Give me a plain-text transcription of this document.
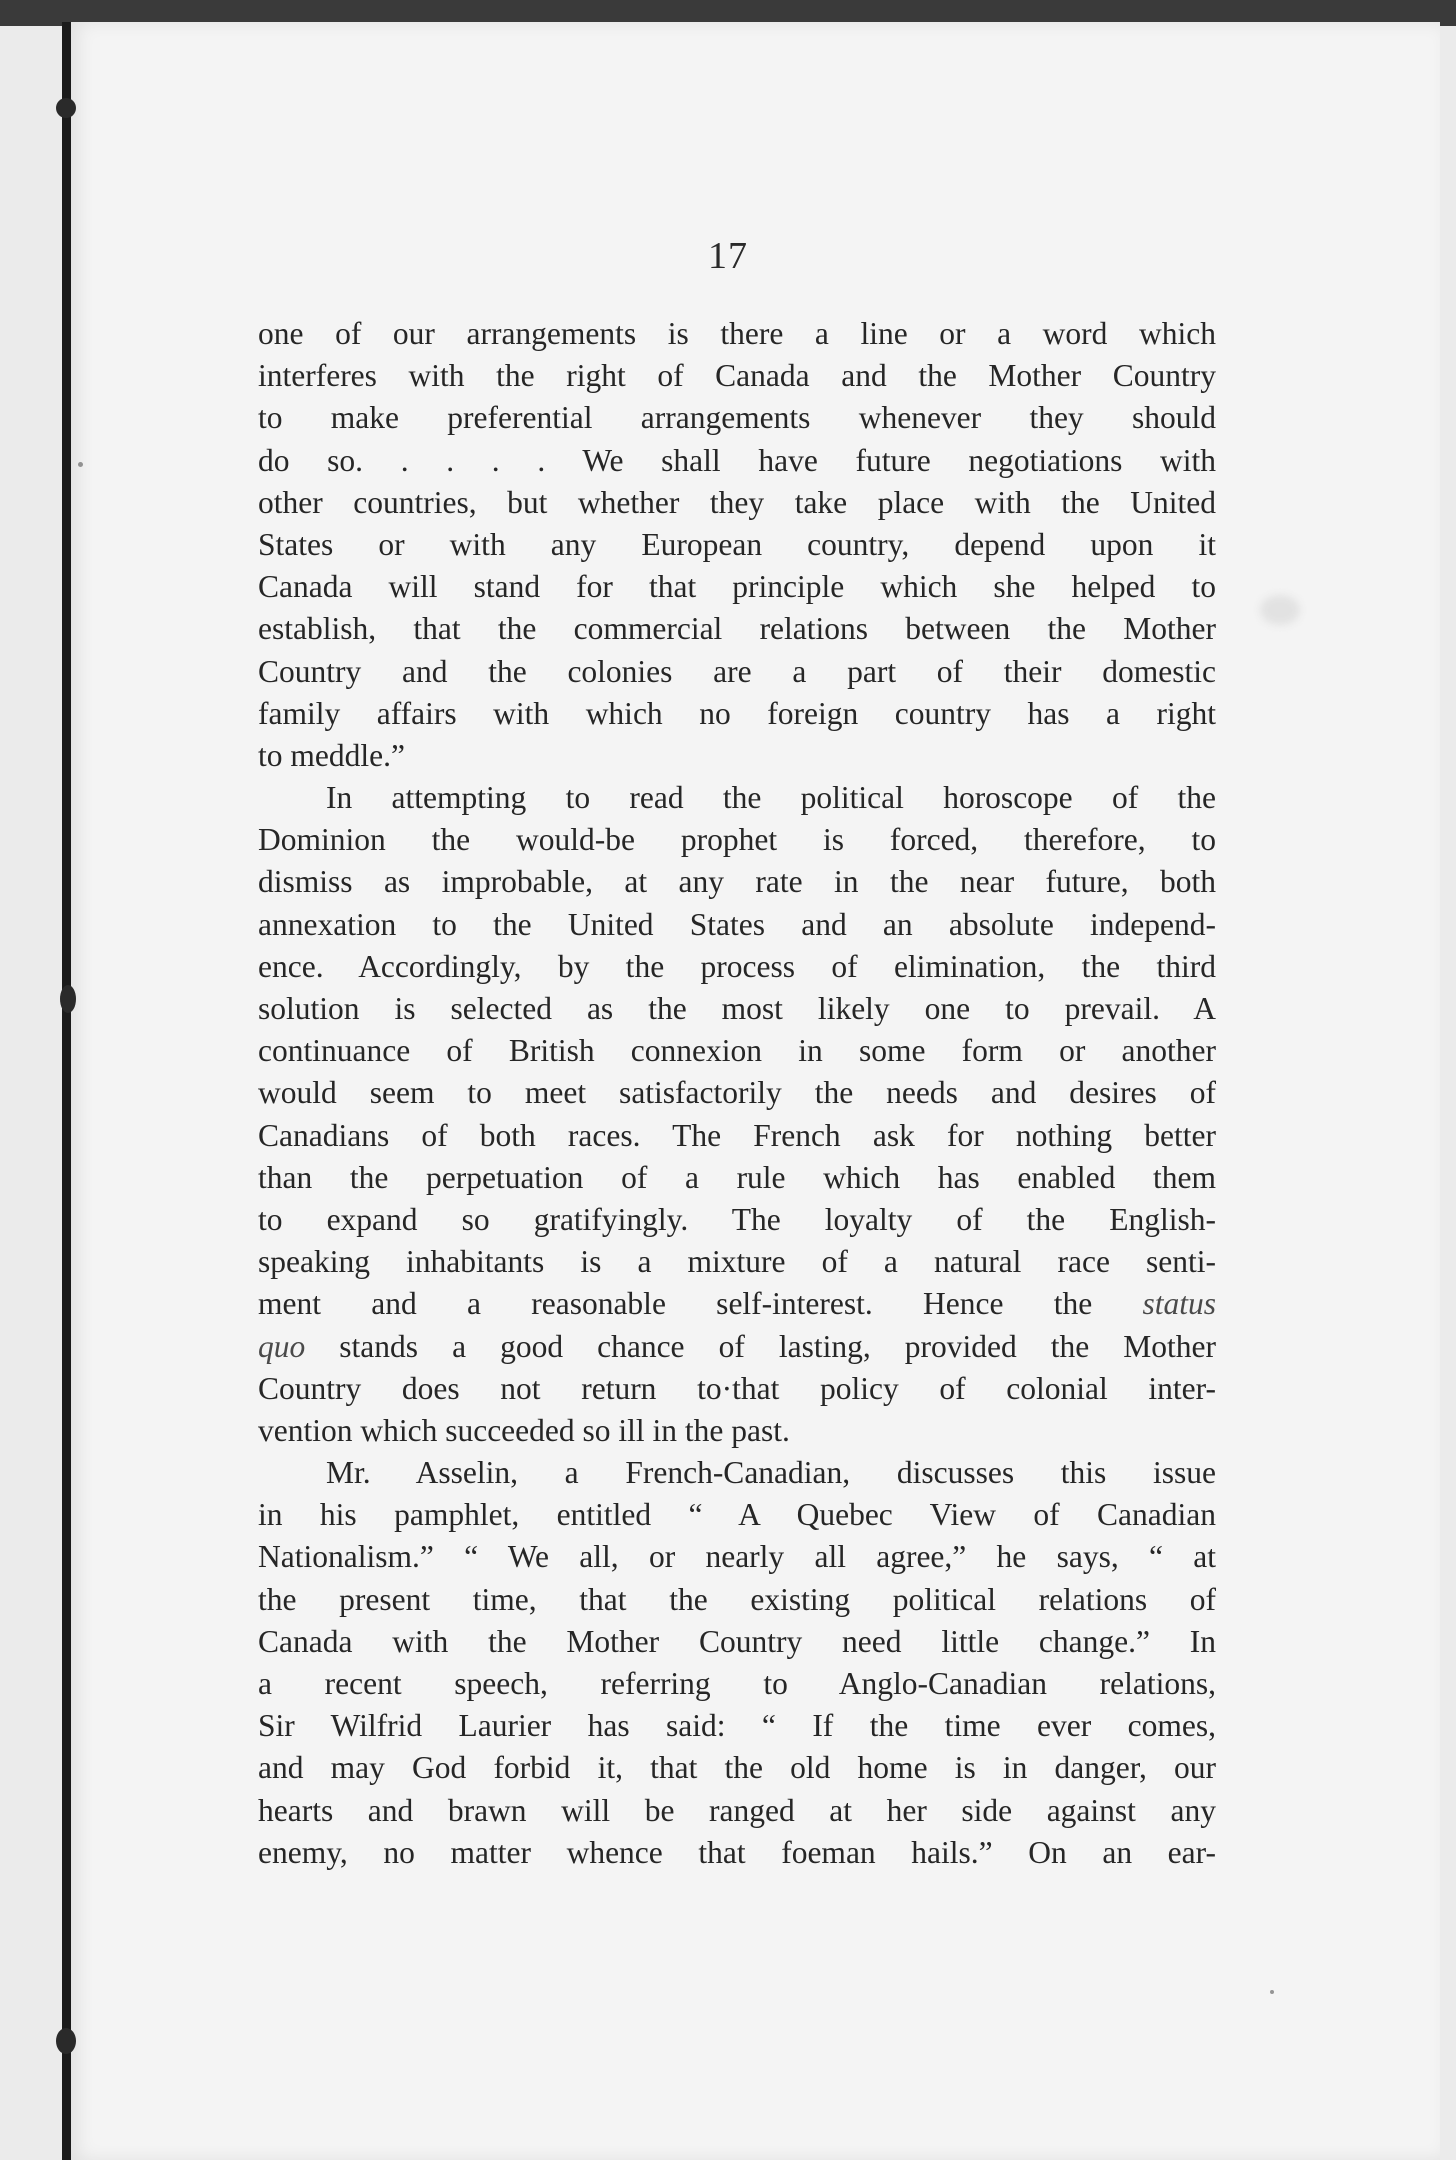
17
one of our arrangements is there a line or a word which
interferes with the right of Canada and the Mother Country
to make preferential arrangements whenever they should
do so. . . . . We shall have future negotiations with
other countries, but whether they take place with the United
States or with any European country, depend upon it
Canada will stand for that principle which she helped to
establish, that the commercial relations between the Mother
Country and the colonies are a part of their domestic
family affairs with which no foreign country has a right
to meddle.”
In attempting to read the political horoscope of the
Dominion the would-be prophet is forced, therefore, to
dismiss as improbable, at any rate in the near future, both
annexation to the United States and an absolute independ-
ence. Accordingly, by the process of elimination, the third
solution is selected as the most likely one to prevail. A
continuance of British connexion in some form or another
would seem to meet satisfactorily the needs and desires of
Canadians of both races. The French ask for nothing better
than the perpetuation of a rule which has enabled them
to expand so gratifyingly. The loyalty of the English-
speaking inhabitants is a mixture of a natural race senti-
ment and a reasonable self-interest. Hence the status
quo stands a good chance of lasting, provided the Mother
Country does not return to·that policy of colonial inter-
vention which succeeded so ill in the past.
Mr. Asselin, a French-Canadian, discusses this issue
in his pamphlet, entitled “ A Quebec View of Canadian
Nationalism.” “ We all, or nearly all agree,” he says, “ at
the present time, that the existing political relations of
Canada with the Mother Country need little change.” In
a recent speech, referring to Anglo-Canadian relations,
Sir Wilfrid Laurier has said: “ If the time ever comes,
and may God forbid it, that the old home is in danger, our
hearts and brawn will be ranged at her side against any
enemy, no matter whence that foeman hails.” On an ear-
